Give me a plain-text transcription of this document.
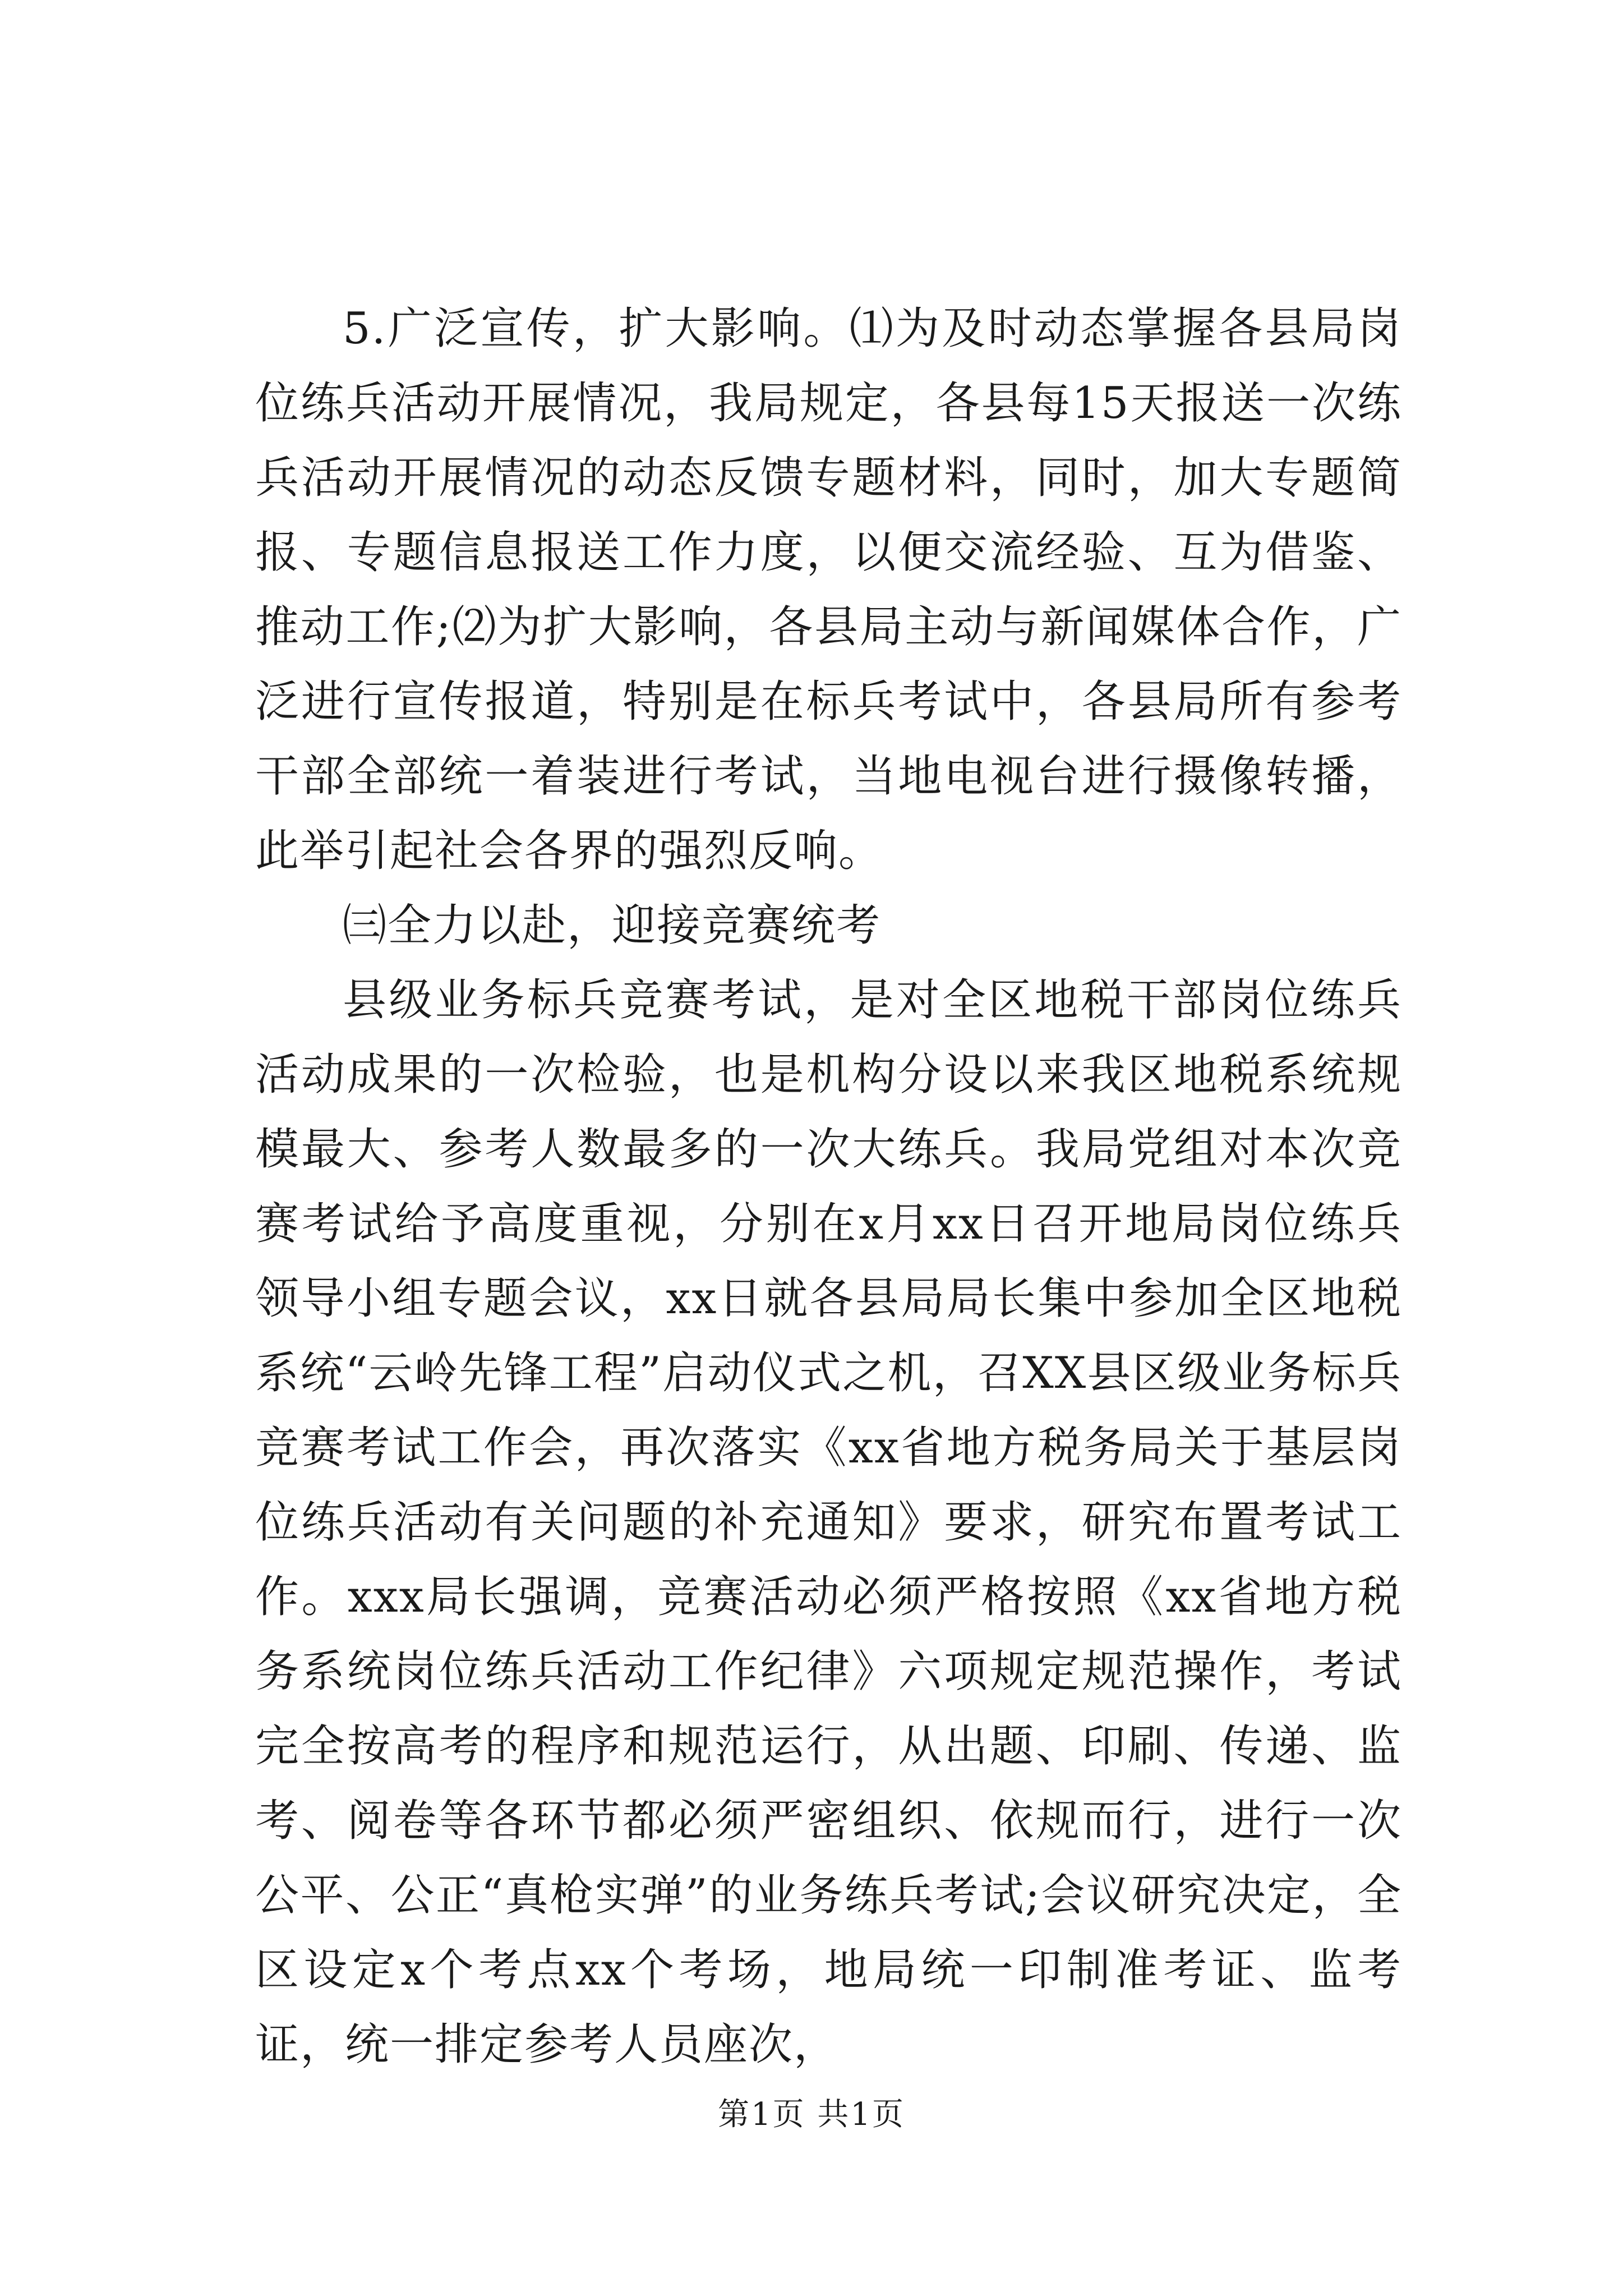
5.广泛宣传，扩大影响。⑴为及时动态掌握各县局岗位练兵活动开展情况，我局规定，各县每15天报送一次练兵活动开展情况的动态反馈专题材料，同时，加大专题简报、专题信息报送工作力度，以便交流经验、互为借鉴、推动工作;⑵为扩大影响，各县局主动与新闻媒体合作，广泛进行宣传报道，特别是在标兵考试中，各县局所有参考干部全部统一着装进行考试，当地电视台进行摄像转播，此举引起社会各界的强烈反响。

㈢全力以赴，迎接竞赛统考

县级业务标兵竞赛考试，是对全区地税干部岗位练兵活动成果的一次检验，也是机构分设以来我区地税系统规模最大、参考人数最多的一次大练兵。我局党组对本次竞赛考试给予高度重视，分别在x月xx日召开地局岗位练兵领导小组专题会议，xx日就各县局局长集中参加全区地税系统“云岭先锋工程”启动仪式之机，召XX县区级业务标兵竞赛考试工作会，再次落实《xx省地方税务局关于基层岗位练兵活动有关问题的补充通知》要求，研究布置考试工作。xxx局长强调，竞赛活动必须严格按照《xx省地方税务系统岗位练兵活动工作纪律》六项规定规范操作，考试完全按高考的程序和规范运行，从出题、印刷、传递、监考、阅卷等各环节都必须严密组织、依规而行，进行一次公平、公正“真枪实弹”的业务练兵考试;会议研究决定，全区设定x个考点xx个考场，地局统一印制准考证、监考证，统一排定参考人员座次，

第1页 共1页
